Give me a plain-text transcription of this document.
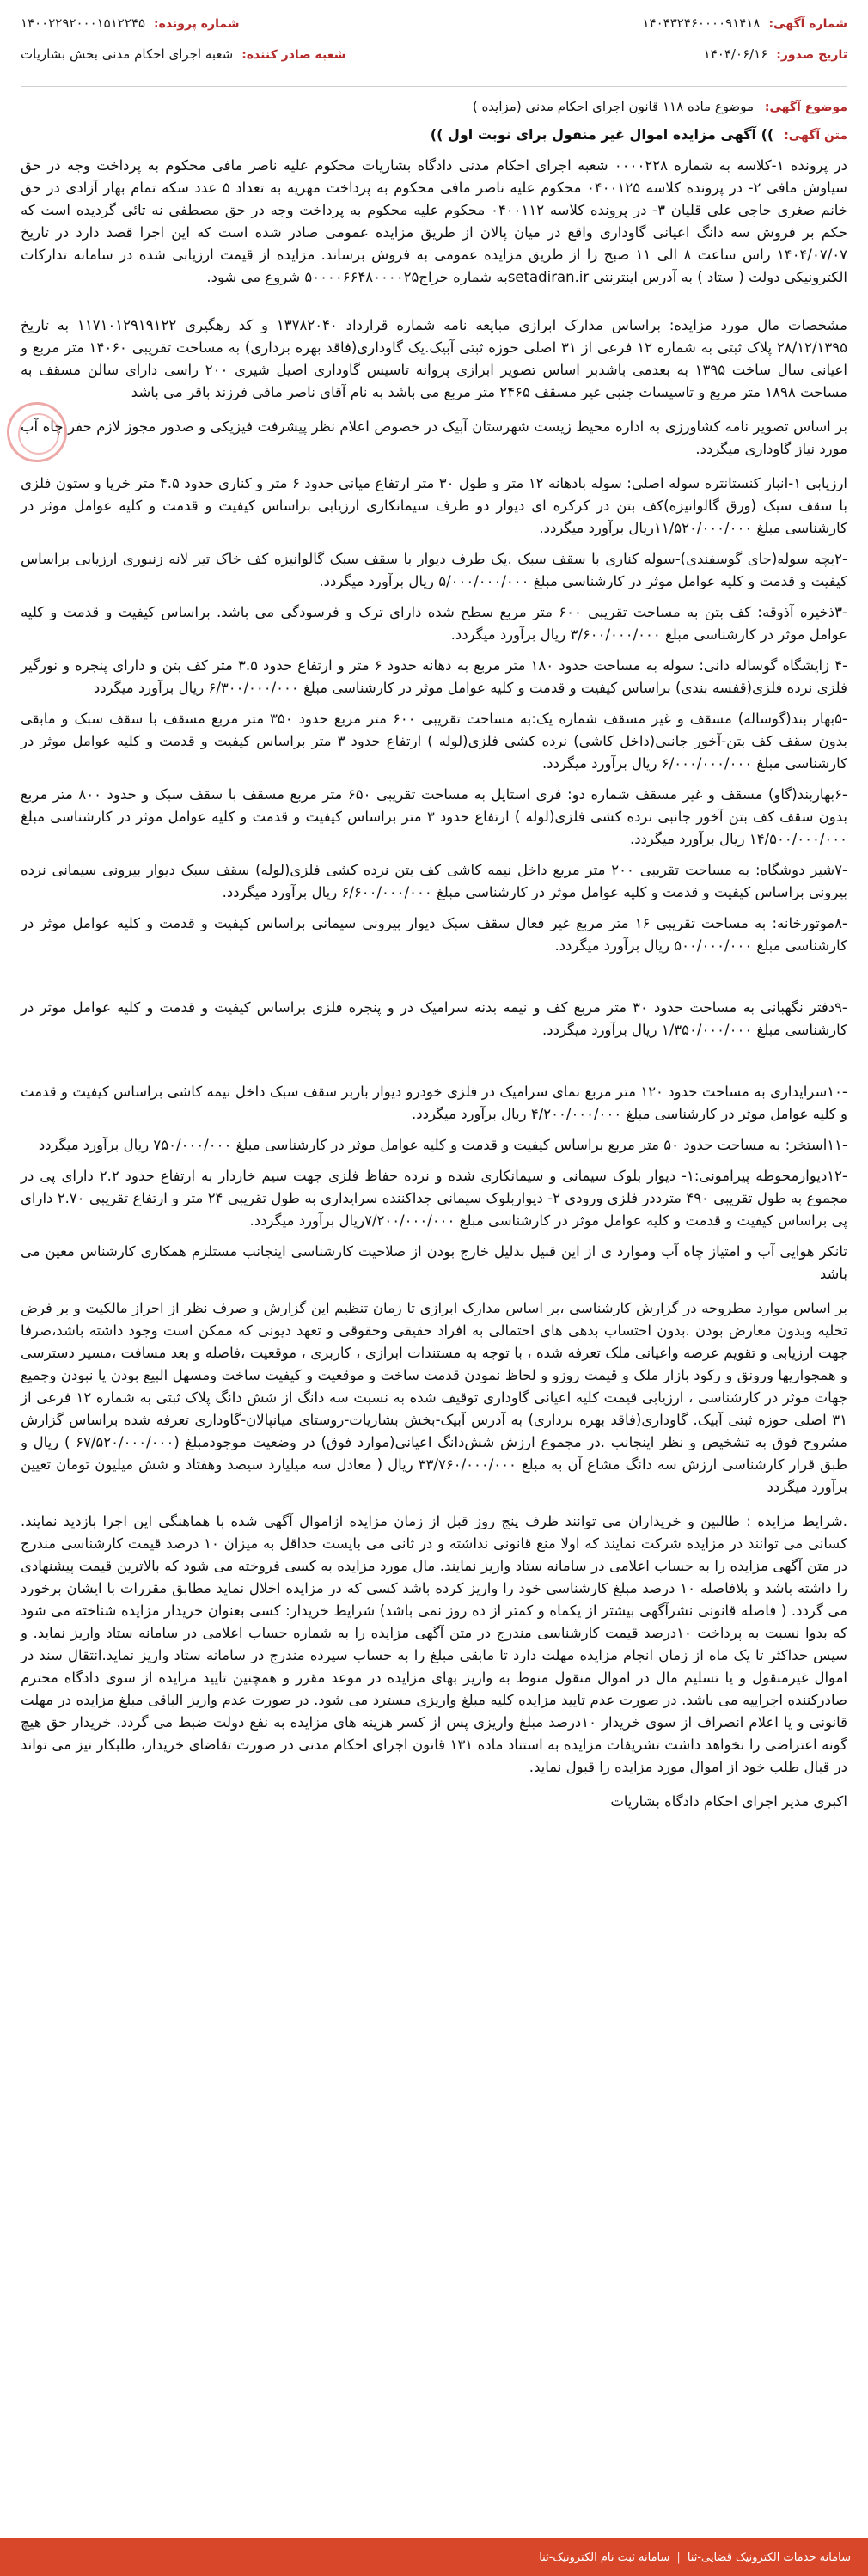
شماره آگهی:
۱۴۰۴۳۲۴۶۰۰۰۰۹۱۴۱۸
شماره پرونده:
۱۴۰۰۲۲۹۲۰۰۰۱۵۱۲۲۴۵
تاریخ صدور:
۱۴۰۴/۰۶/۱۶
شعبه صادر کننده:
شعبه اجرای احکام مدنی بخش بشاریات
موضوع آگهی: موضوع ماده ۱۱۸ قانون اجرای احکام مدنی (مزایده )
متن آگهی:
)) آگهی مزایده اموال غیر منقول برای نوبت اول ))

در پرونده ۱-کلاسه به شماره ۰۰۰۰۲۲۸ شعبه اجرای احکام مدنی دادگاه بشاریات محکوم علیه ناصر مافی محکوم به پرداخت وجه در حق سیاوش مافی ۲- در پرونده کلاسه ۰۴۰۰۱۲۵ محکوم علیه ناصر مافی محکوم به پرداخت مهریه به تعداد ۵ عدد سکه تمام بهار آزادی در حق خانم صغری حاجی علی قلیان ۳- در پرونده کلاسه ۰۴۰۰۱۱۲ محکوم علیه محکوم به پرداخت وجه در حق مصطفی نه تائی گردیده است که حکم بر فروش سه دانگ اعیانی گاوداری واقع در میان پالان از طریق مزایده عمومی صادر شده است که این اجرا قصد دارد در تاریخ ۱۴۰۴/۰۷/۰۷ راس ساعت ۸ الی ۱۱ صبح را از طریق مزایده عمومی به فروش برساند. مزایده از قیمت ارزیابی شده در سامانه تدارکات الکترونیکی دولت ( ستاد ) به آدرس اینترنتی setadiran.irبه شماره حراج۵۰۰۰۰۶۶۴۸۰۰۰۰۲۵ شروع می شود.

مشخصات مال مورد مزایده: براساس مدارک ابرازی مبایعه نامه شماره قرارداد ۱۳۷۸۲۰۴۰ و کد رهگیری ۱۱۷۱۰۱۲۹۱۹۱۲۲ به تاریخ ۲۸/۱۲/۱۳۹۵ پلاک ثبتی به شماره ۱۲ فرعی از ۳۱ اصلی حوزه ثبتی آبیک.یک گاوداری(فاقد بهره برداری) به مساحت تقریبی ۱۴۰۶۰ متر مربع و اعیانی سال ساخت ۱۳۹۵ به بعدمی باشدبر اساس تصویر ابرازی پروانه تاسیس گاوداری اصیل شیری ۲۰۰ راسی دارای سالن مسقف به مساحت ۱۸۹۸ متر مربع و تاسیسات جنبی غیر مسقف ۲۴۶۵ متر مربع می باشد به نام آقای ناصر مافی فرزند باقر می باشد

بر اساس تصویر نامه کشاورزی به اداره محیط زیست شهرستان آبیک در خصوص اعلام نظر پیشرفت فیزیکی و صدور مجوز لازم حفر چاه آب مورد نیاز گاوداری میگردد.

ارزیابی ۱-انبار کنستانتره سوله اصلی: سوله بادهانه ۱۲ متر و طول ۳۰ متر ارتفاع میانی حدود ۶ متر و کناری حدود ۴.۵ متر خرپا و ستون فلزی با سقف سبک (ورق گالوانیزه)کف بتن در کرکره ای دیوار دو طرف سیمانکاری ارزیابی براساس کیفیت و قدمت و کلیه عوامل موثر در کارشناسی مبلغ ۱۱/۵۲۰/۰۰۰/۰۰۰ریال برآورد میگردد.

-۲بچه سوله(جای گوسفندی)-سوله کناری با سقف سبک .یک طرف دیوار با سقف سبک گالوانیزه کف خاک تیر لانه زنبوری ارزیابی براساس کیفیت و قدمت و کلیه عوامل موثر در کارشناسی مبلغ ۵/۰۰۰/۰۰۰/۰۰۰ ریال برآورد میگردد.

-۳ذخیره آذوقه: کف بتن به مساحت تقریبی ۶۰۰ متر مربع سطح شده دارای ترک و فرسودگی می باشد. براساس کیفیت و قدمت و کلیه عوامل موثر در کارشناسی مبلغ ۳/۶۰۰/۰۰۰/۰۰۰ ریال برآورد میگردد.

-۴ زایشگاه گوساله دانی: سوله به مساحت حدود ۱۸۰ متر مربع به دهانه حدود ۶ متر و ارتفاع حدود ۳.۵ متر کف بتن و دارای پنجره و نورگیر فلزی نرده فلزی(قفسه بندی) براساس کیفیت و قدمت و کلیه عوامل موثر در کارشناسی مبلغ ۶/۳۰۰/۰۰۰/۰۰۰ ریال برآورد میگردد

-۵بهار بند(گوساله) مسقف و غیر مسقف شماره یک:به مساحت تقریبی ۶۰۰ متر مربع حدود ۳۵۰ متر مربع مسقف با سقف سبک و مابقی بدون سقف کف بتن-آخور جانبی(داخل کاشی) نرده کشی فلزی(لوله ) ارتفاع حدود ۳ متر براساس کیفیت و قدمت و کلیه عوامل موثر در کارشناسی مبلغ ۶/۰۰۰/۰۰۰/۰۰۰ ریال برآورد میگردد.

-۶بهاربند(گاو) مسقف و غیر مسقف شماره دو: فری استایل به مساحت تقریبی ۶۵۰ متر مربع مسقف با سقف سبک و حدود ۸۰۰ متر مربع بدون سقف کف بتن آخور جانبی نرده کشی فلزی(لوله ) ارتفاع حدود ۳ متر براساس کیفیت و قدمت و کلیه عوامل موثر در کارشناسی مبلغ ۱۴/۵۰۰/۰۰۰/۰۰۰ ریال برآورد میگردد.

-۷شیر دوشگاه: به مساحت تقریبی ۲۰۰ متر مربع داخل نیمه کاشی کف بتن نرده کشی فلزی(لوله) سقف سبک دیوار بیرونی سیمانی نرده بیرونی براساس کیفیت و قدمت و کلیه عوامل موثر در کارشناسی مبلغ ۶/۶۰۰/۰۰۰/۰۰۰ ریال برآورد میگردد.

-۸موتورخانه: به مساحت تقریبی ۱۶ متر مربع غیر فعال سقف سبک دیوار بیرونی سیمانی براساس کیفیت و قدمت و کلیه عوامل موثر در کارشناسی مبلغ ۵۰۰/۰۰۰/۰۰۰ ریال برآورد میگردد.

-۹دفتر نگهبانی به مساحت حدود ۳۰ متر مربع کف و نیمه بدنه سرامیک در و پنجره فلزی براساس کیفیت و قدمت و کلیه عوامل موثر در کارشناسی مبلغ ۱/۳۵۰/۰۰۰/۰۰۰ ریال برآورد میگردد.

-۱۰سرایداری به مساحت حدود ۱۲۰ متر مربع نمای سرامیک در فلزی خودرو دیوار باربر سقف سبک داخل نیمه کاشی براساس کیفیت و قدمت و کلیه عوامل موثر در کارشناسی مبلغ ۴/۲۰۰/۰۰۰/۰۰۰ ریال برآورد میگردد.

-۱۱استخر: به مساحت حدود ۵۰ متر مربع براساس کیفیت و قدمت و کلیه عوامل موثر در کارشناسی مبلغ ۷۵۰/۰۰۰/۰۰۰ ریال برآورد میگردد

-۱۲دیوارمحوطه پیرامونی:۱- دیوار بلوک سیمانی و سیمانکاری شده و نرده حفاظ فلزی جهت سیم خاردار به ارتفاع حدود ۲.۲ دارای پی در مجموع به طول تقریبی ۴۹۰ مترددر فلزی ورودی ۲- دیواربلوک سیمانی جداکننده سرایداری به طول تقریبی ۲۴ متر و ارتفاع تقریبی ۲.۷۰ دارای پی براساس کیفیت و قدمت و کلیه عوامل موثر در کارشناسی مبلغ ۷/۲۰۰/۰۰۰/۰۰۰ریال برآورد میگردد.

تانکر هوایی آب و امتیاز چاه آب وموارد ی از این قبیل بدلیل خارج بودن از صلاحیت کارشناسی اینجانب مستلزم همکاری کارشناس معین می باشد

بر اساس موارد مطروحه در گزارش کارشناسی ،بر اساس مدارک ابرازی تا زمان تنظیم این گزارش و صرف نظر از احراز مالکیت و بر فرض تخلیه وبدون معارض بودن .بدون احتساب بدهی های احتمالی به افراد حقیقی وحقوقی و تعهد دیونی که ممکن است وجود داشته باشد،صرفا جهت ارزیابی و تقویم عرصه واعیانی ملک تعرفه شده ، با توجه به مستندات ابرازی ، کاربری ، موقعیت ،فاصله و بعد مسافت ،مسیر دسترسی و همجواریها ورونق و رکود بازار ملک و قیمت روزو و لحاظ نمودن قدمت ساخت و موقعیت و کیفیت ساخت ومسهل البیع بودن یا نبودن وجمیع جهات موثر در کارشناسی ، ارزیابی قیمت کلیه اعیانی گاوداری توقیف شده به نسبت سه دانگ از شش دانگ پلاک ثبتی به شماره ۱۲ فرعی از ۳۱ اصلی حوزه ثبتی آبیک. گاوداری(فاقد بهره برداری) به آدرس آبیک-بخش بشاریات-روستای میانپالان-گاوداری تعرفه شده براساس گزارش مشروح فوق به تشخیص و نظر اینجانب .در مجموع ارزش شش‌دانگ اعیانی(موارد فوق) در وضعیت موجودمبلغ (۶۷/۵۲۰/۰۰۰/۰۰۰ ) ریال و طبق قرار کارشناسی ارزش سه دانگ مشاع آن به مبلغ ۳۳/۷۶۰/۰۰۰/۰۰۰ ریال ( معادل سه میلیارد سیصد وهفتاد و شش میلیون تومان تعیین برآورد میگردد

.شرایط مزایده : طالبین و خریداران می توانند ظرف پنج روز قبل از زمان مزایده ازاموال آگهی شده با هماهنگی این اجرا بازدید نمایند. کسانی می توانند در مزایده شرکت نمایند که اولا منع قانونی نداشته و در ثانی می بایست حداقل به میزان ۱۰ درصد قیمت کارشناسی مندرج در متن آگهی مزایده را به حساب اعلامی در سامانه ستاد واریز نمایند. مال مورد مزایده به کسی فروخته می شود که بالاترین قیمت پیشنهادی را داشته باشد و بلافاصله ۱۰ درصد مبلغ کارشناسی خود را واریز کرده باشد کسی که در مزایده اخلال نماید مطابق مقررات با ایشان برخورد می گردد. ( فاصله قانونی نشرآگهی بیشتر از یکماه و کمتر از ده روز نمی باشد) شرایط خریدار: کسی بعنوان خریدار مزایده شناخته می شود که بدوا نسبت به پرداخت ۱۰درصد قیمت کارشناسی مندرج در متن آگهی مزایده را به شماره حساب اعلامی در سامانه ستاد واریز نماید. و سپس حداکثر تا یک ماه از زمان انجام مزایده مهلت دارد تا مابقی مبلغ را به حساب سپرده مندرج در سامانه ستاد واریز نماید.انتقال سند در اموال غیرمنقول و یا تسلیم مال در اموال منقول منوط به واریز بهای مزایده در موعد مقرر و همچنین تایید مزایده از سوی دادگاه محترم صادرکننده اجراییه می باشد. در صورت عدم تایید مزایده کلیه مبلغ واریزی مسترد می شود. در صورت عدم واریز الباقی مبلغ مزایده در مهلت قانونی و یا اعلام انصراف از سوی خریدار ۱۰درصد مبلغ واریزی پس از کسر هزینه های مزایده به نفع دولت ضبط می گردد. خریدار حق هیچ گونه اعتراضی را نخواهد داشت تشریفات مزایده به استناد ماده ۱۳۱ قانون اجرای احکام مدنی در صورت تقاضای خریدار، طلبکار نیز می تواند در قبال طلب خود از اموال مورد مزایده را قبول نماید.

اکبری مدیر اجرای احکام دادگاه بشاریات

سامانه خدمات الکترونیک قضایی-ثنا
|
سامانه ثبت نام الکترونیک-ثنا
